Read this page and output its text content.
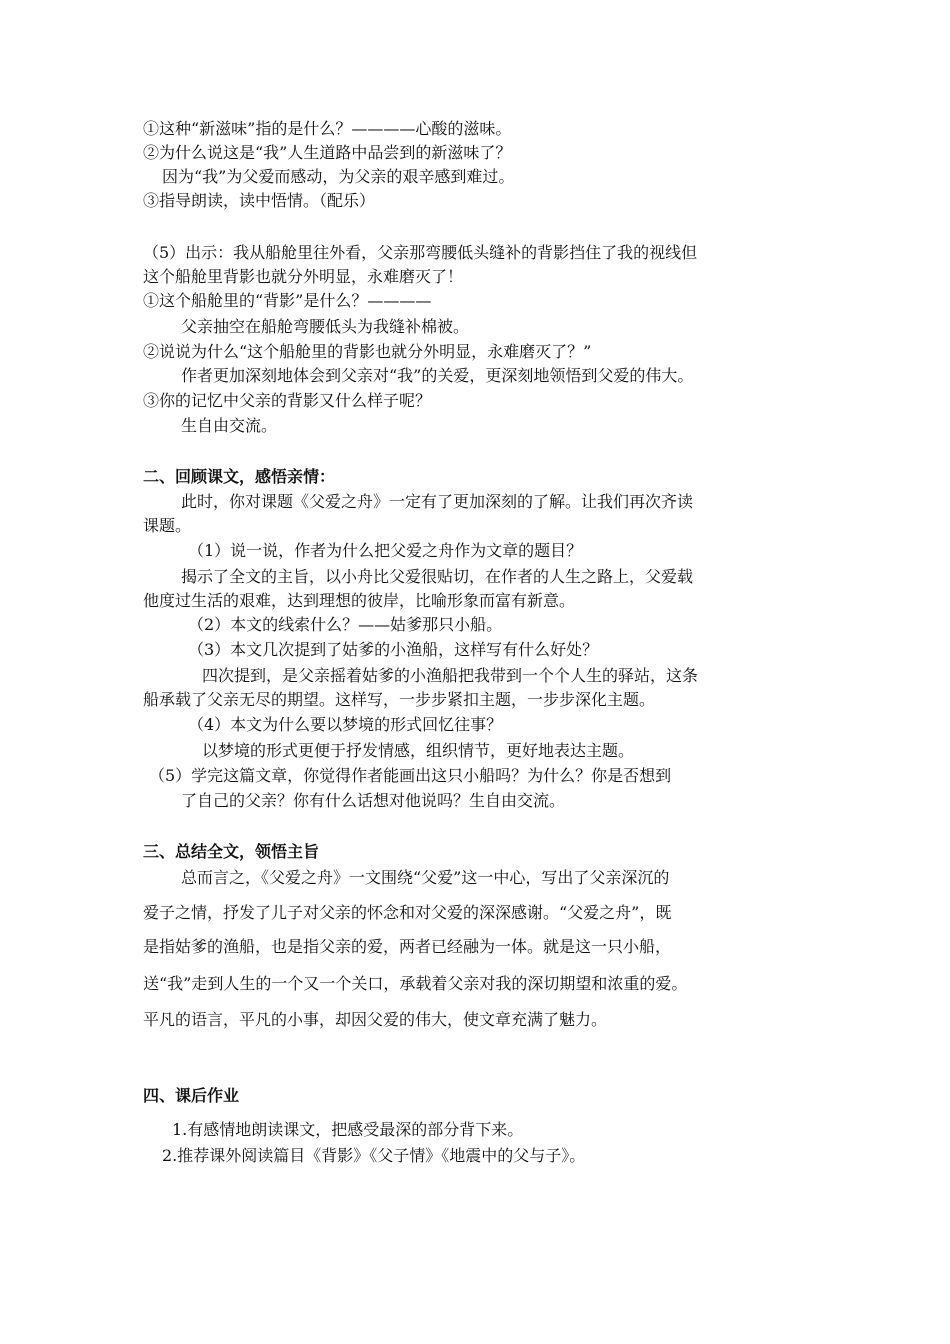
①这种“新滋味”指的是什么？————心酸的滋味。

②为什么说这是“我”人生道路中品尝到的新滋味了？

因为“我”为父爱而感动，为父亲的艰辛感到难过。

③指导朗读，读中悟情。（配乐）

（5）出示：我从船舱里往外看，父亲那弯腰低头缝补的背影挡住了我的视线但

这个船舱里背影也就分外明显，永难磨灭了！

①这个船舱里的“背影”是什么？————

父亲抽空在船舱弯腰低头为我缝补棉被。

②说说为什么“这个船舱里的背影也就分外明显，永难磨灭了？”

作者更加深刻地体会到父亲对“我”的关爱，更深刻地领悟到父爱的伟大。

③你的记忆中父亲的背影又什么样子呢？

生自由交流。

二、回顾课文，感悟亲情：

此时，你对课题《父爱之舟》一定有了更加深刻的了解。让我们再次齐读

课题。

（1）说一说，作者为什么把父爱之舟作为文章的题目？

揭示了全文的主旨，以小舟比父爱很贴切，在作者的人生之路上，父爱载

他度过生活的艰难，达到理想的彼岸，比喻形象而富有新意。

（2）本文的线索什么？——姑爹那只小船。

（3）本文几次提到了姑爹的小渔船，这样写有什么好处？

四次提到，是父亲摇着姑爹的小渔船把我带到一个个人生的驿站，这条

船承载了父亲无尽的期望。这样写，一步步紧扣主题，一步步深化主题。

（4）本文为什么要以梦境的形式回忆往事？

以梦境的形式更便于抒发情感，组织情节，更好地表达主题。

（5）学完这篇文章，你觉得作者能画出这只小船吗？为什么？你是否想到

了自己的父亲？你有什么话想对他说吗？生自由交流。

三、总结全文，领悟主旨

总而言之，《父爱之舟》一文围绕“父爱”这一中心，写出了父亲深沉的

爱子之情，抒发了儿子对父亲的怀念和对父爱的深深感谢。“父爱之舟”，既

是指姑爹的渔船，也是指父亲的爱，两者已经融为一体。就是这一只小船，

送“我”走到人生的一个又一个关口，承载着父亲对我的深切期望和浓重的爱。

平凡的语言，平凡的小事，却因父爱的伟大，使文章充满了魅力。

四、课后作业

1.有感情地朗读课文，把感受最深的部分背下来。

2.推荐课外阅读篇目《背影》《父子情》《地震中的父与子》。
